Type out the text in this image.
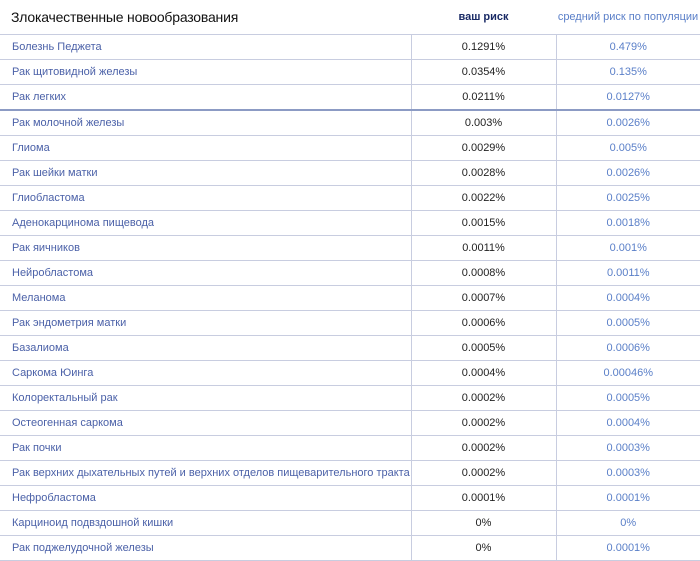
Злокачественные новообразования	ваш риск	средний риск по популяции
Болезнь Педжета	0.1291%	0.479%
Рак щитовидной железы	0.0354%	0.135%
Рак легких	0.0211%	0.0127%
Рак молочной железы	0.003%	0.0026%
Глиома	0.0029%	0.005%
Рак шейки матки	0.0028%	0.0026%
Глиобластома	0.0022%	0.0025%
Аденокарцинома пищевода	0.0015%	0.0018%
Рак яичников	0.0011%	0.001%
Нейробластома	0.0008%	0.0011%
Меланома	0.0007%	0.0004%
Рак эндометрия матки	0.0006%	0.0005%
Базалиома	0.0005%	0.0006%
Саркома Юинга	0.0004%	0.00046%
Колоректальный рак	0.0002%	0.0005%
Остеогенная саркома	0.0002%	0.0004%
Рак почки	0.0002%	0.0003%
Рак верхних дыхательных путей и верхних отделов пищеварительного тракта	0.0002%	0.0003%
Нефробластома	0.0001%	0.0001%
Карциноид подвздошной кишки	0%	0%
Рак поджелудочной железы	0%	0.0001%
